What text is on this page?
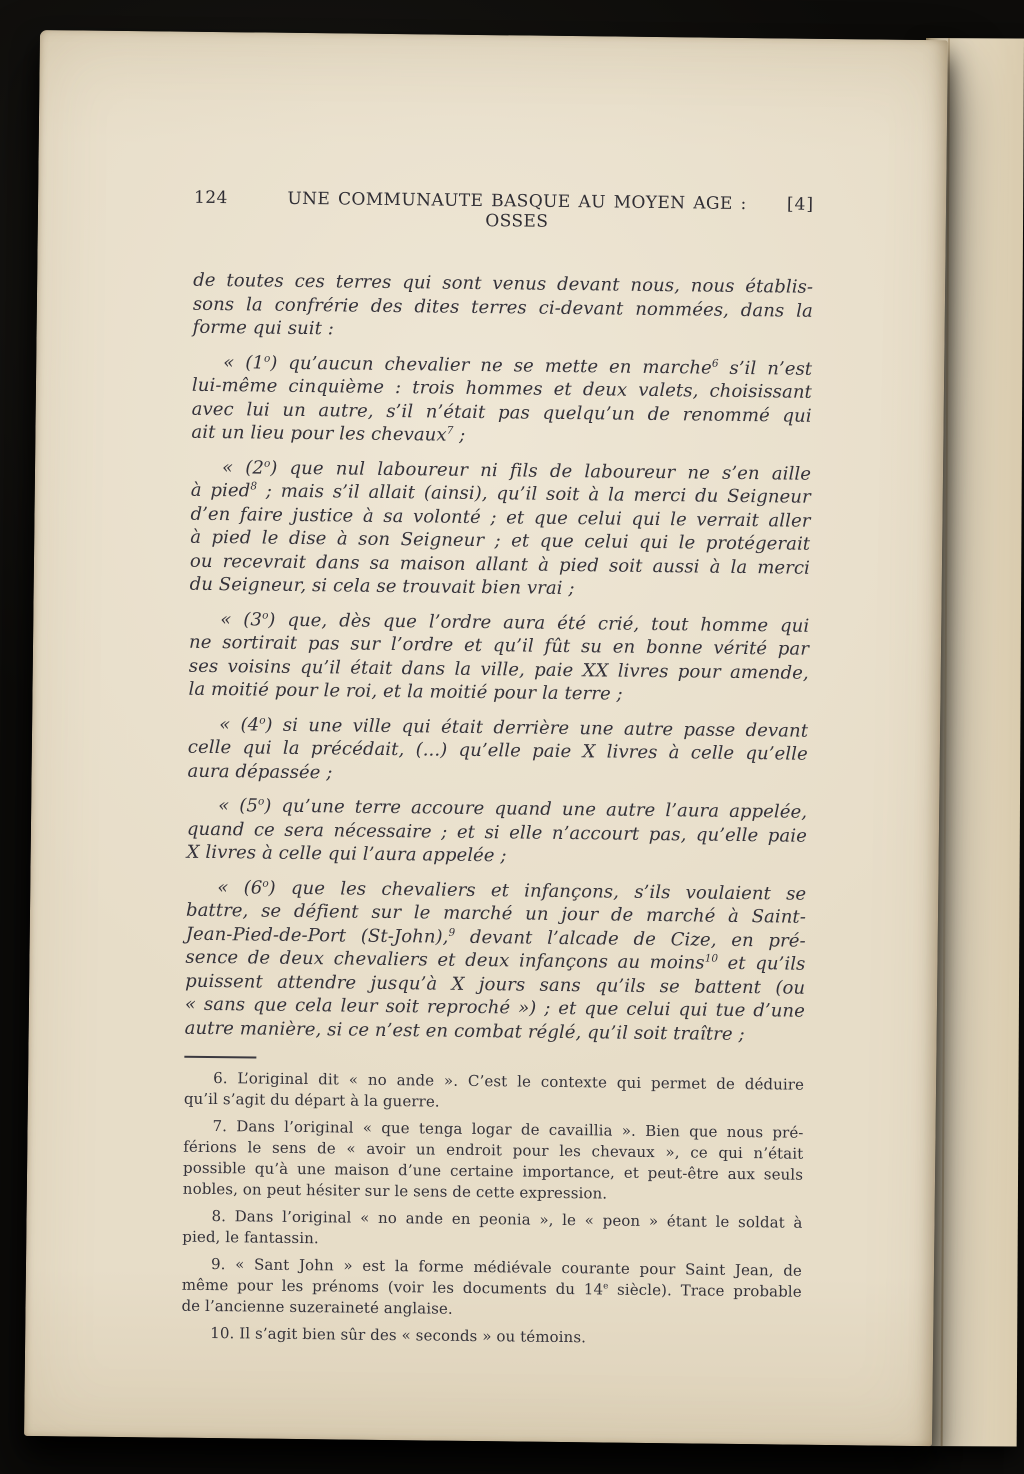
124	UNE COMMUNAUTE BASQUE AU MOYEN AGE : OSSES
[4]
de toutes ces terres qui sont venus devant nous, nous établis-
sons la confrérie des dites terres ci-devant nommées, dans la
forme qui suit :
« (1$^o$) qu’aucun chevalier ne se mette en marche$^6$ s’il n’est
lui-même cinquième : trois hommes et deux valets, choisissant
avec lui un autre, s’il n’était pas quelqu’un de renommé qui
ait un lieu pour les chevaux$^7$ ;
« (2$^o$) que nul laboureur ni fils de laboureur ne s’en aille
à pied$^8$ ; mais s’il allait (ainsi), qu’il soit à la merci du Seigneur
d’en faire justice à sa volonté ; et que celui qui le verrait aller
à pied le dise à son Seigneur ; et que celui qui le protégerait
ou recevrait dans sa maison allant à pied soit aussi à la merci
du Seigneur, si cela se trouvait bien vrai ;
« (3$^o$) que, dès que l’ordre aura été crié, tout homme qui
ne sortirait pas sur l’ordre et qu’il fût su en bonne vérité par
ses voisins qu’il était dans la ville, paie XX livres pour amende,
la moitié pour le roi, et la moitié pour la terre ;
« (4$^o$) si une ville qui était derrière une autre passe devant
celle qui la précédait, (...) qu’elle paie X livres à celle qu’elle
aura dépassée ;
« (5$^o$) qu’une terre accoure quand une autre l’aura appelée,
quand ce sera nécessaire ; et si elle n’accourt pas, qu’elle paie
X livres à celle qui l’aura appelée ;
« (6$^o$) que les chevaliers et infançons, s’ils voulaient se
battre, se défient sur le marché un jour de marché à Saint-
Jean-Pied-de-Port (St-John),$^9$ devant l’alcade de Cize, en pré-
sence de deux chevaliers et deux infançons au moins$^{10}$ et qu’ils
puissent attendre jusqu’à X jours sans qu’ils se battent (ou
« sans que cela leur soit reproché ») ; et que celui qui tue d’une
autre manière, si ce n’est en combat réglé, qu’il soit traître ;
6. L’original dit « no ande ». C’est le contexte qui permet de déduire
qu’il s’agit du départ à la guerre.
7. Dans l’original « que tenga logar de cavaillia ». Bien que nous pré-
férions le sens de « avoir un endroit pour les chevaux », ce qui n’était
possible qu’à une maison d’une certaine importance, et peut-être aux seuls
nobles, on peut hésiter sur le sens de cette expression.
8. Dans l’original « no ande en peonia », le « peon » étant le soldat à
pied, le fantassin.
9. « Sant John » est la forme médiévale courante pour Saint Jean, de
même pour les prénoms (voir les documents du 14e siècle). Trace probable
de l’ancienne suzeraineté anglaise.
10. Il s’agit bien sûr des « seconds » ou témoins.
